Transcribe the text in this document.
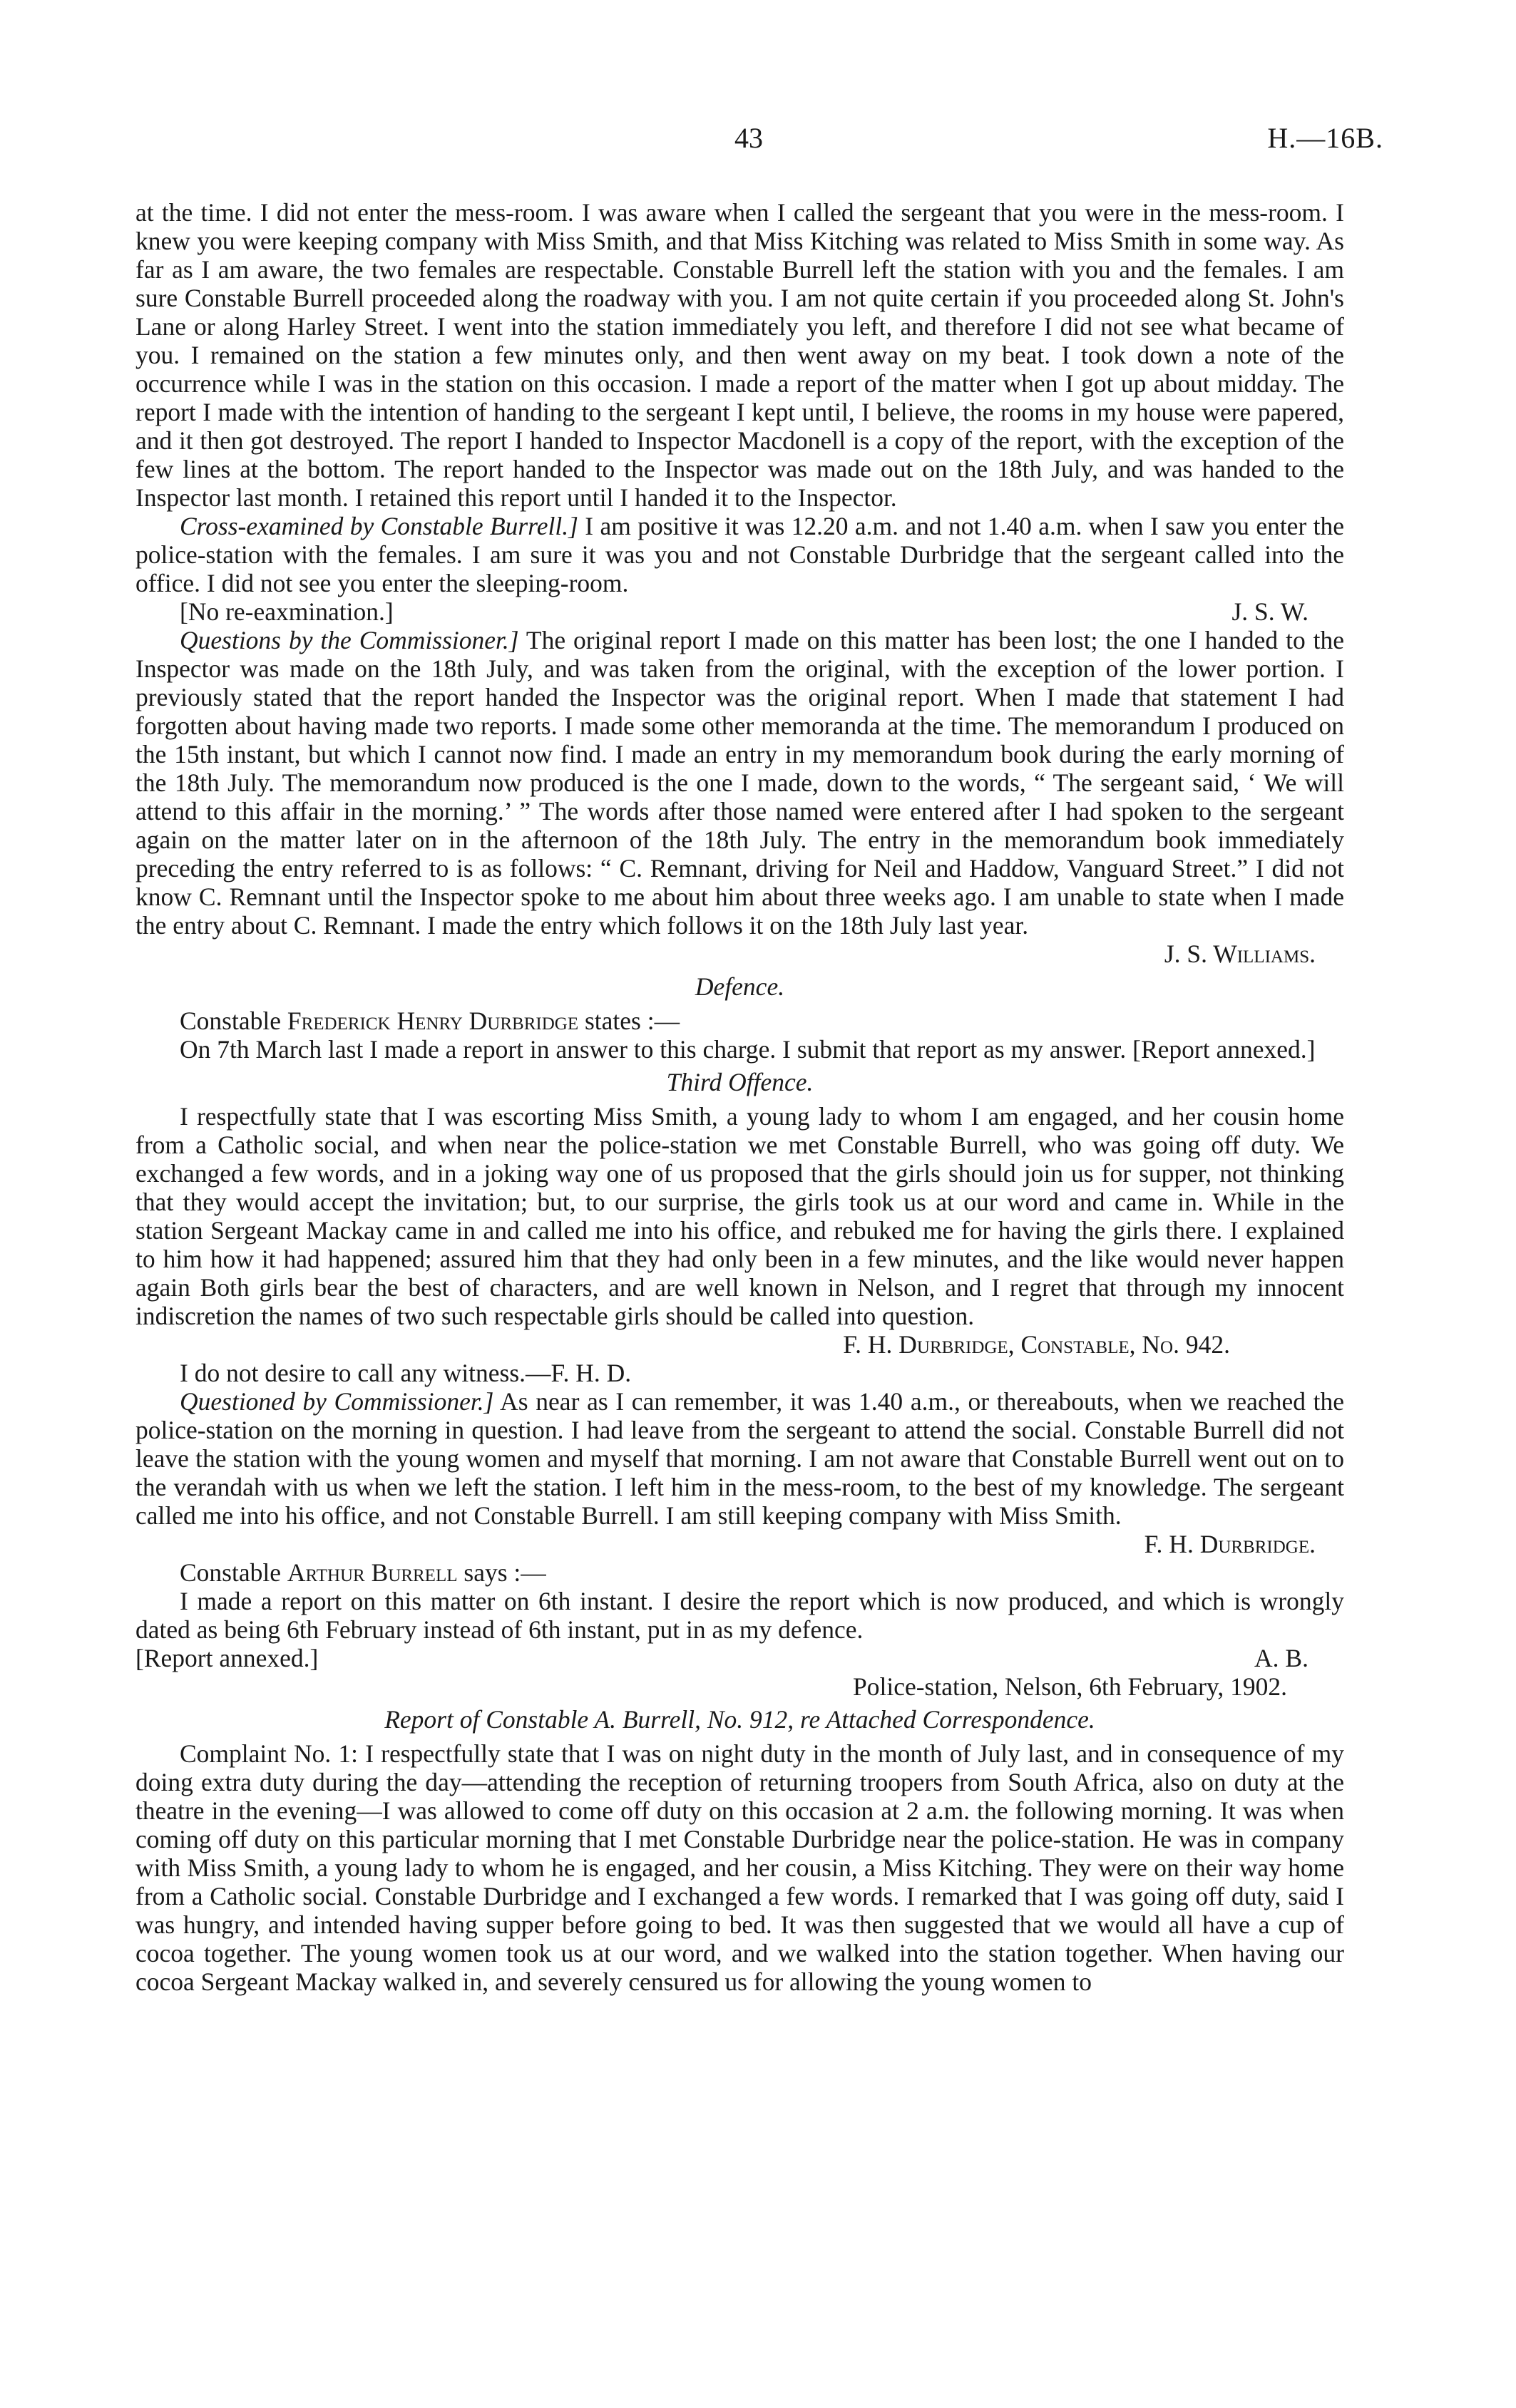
43	H.—16B.

at the time. I did not enter the mess-room. I was aware when I called the sergeant that you were in the mess-room. I knew you were keeping company with Miss Smith, and that Miss Kitching was related to Miss Smith in some way. As far as I am aware, the two females are respectable. Constable Burrell left the station with you and the females. I am sure Constable Burrell proceeded along the roadway with you. I am not quite certain if you proceeded along St. John's Lane or along Harley Street. I went into the station immediately you left, and therefore I did not see what became of you. I remained on the station a few minutes only, and then went away on my beat. I took down a note of the occurrence while I was in the station on this occasion. I made a report of the matter when I got up about midday. The report I made with the intention of handing to the sergeant I kept until, I believe, the rooms in my house were papered, and it then got destroyed. The report I handed to Inspector Macdonell is a copy of the report, with the exception of the few lines at the bottom. The report handed to the Inspector was made out on the 18th July, and was handed to the Inspector last month. I retained this report until I handed it to the Inspector.

Cross-examined by Constable Burrell.] I am positive it was 12.20 a.m. and not 1.40 a.m. when I saw you enter the police-station with the females. I am sure it was you and not Constable Durbridge that the sergeant called into the office. I did not see you enter the sleeping-room.

[No re-eaxmination.]	J. S. W.

Questions by the Commissioner.] The original report I made on this matter has been lost; the one I handed to the Inspector was made on the 18th July, and was taken from the original, with the exception of the lower portion. I previously stated that the report handed the Inspector was the original report. When I made that statement I had forgotten about having made two reports. I made some other memoranda at the time. The memorandum I produced on the 15th instant, but which I cannot now find. I made an entry in my memorandum book during the early morning of the 18th July. The memorandum now produced is the one I made, down to the words, “ The sergeant said, ‘ We will attend to this affair in the morning.’ ” The words after those named were entered after I had spoken to the sergeant again on the matter later on in the afternoon of the 18th July. The entry in the memorandum book immediately preceding the entry referred to is as follows: “ C. Remnant, driving for Neil and Haddow, Vanguard Street.” I did not know C. Remnant until the Inspector spoke to me about him about three weeks ago. I am unable to state when I made the entry about C. Remnant. I made the entry which follows it on the 18th July last year.

J. S. Williams.

Defence.

Constable Frederick Henry Durbridge states :—

On 7th March last I made a report in answer to this charge. I submit that report as my answer. [Report annexed.]

Third Offence.

I respectfully state that I was escorting Miss Smith, a young lady to whom I am engaged, and her cousin home from a Catholic social, and when near the police-station we met Constable Burrell, who was going off duty. We exchanged a few words, and in a joking way one of us proposed that the girls should join us for supper, not thinking that they would accept the invitation; but, to our surprise, the girls took us at our word and came in. While in the station Sergeant Mackay came in and called me into his office, and rebuked me for having the girls there. I explained to him how it had happened; assured him that they had only been in a few minutes, and the like would never happen again Both girls bear the best of characters, and are well known in Nelson, and I regret that through my innocent indiscretion the names of two such respectable girls should be called into question.

F. H. Durbridge, Constable, No. 942.

I do not desire to call any witness.—F. H. D.

Questioned by Commissioner.] As near as I can remember, it was 1.40 a.m., or thereabouts, when we reached the police-station on the morning in question. I had leave from the sergeant to attend the social. Constable Burrell did not leave the station with the young women and myself that morning. I am not aware that Constable Burrell went out on to the verandah with us when we left the station. I left him in the mess-room, to the best of my knowledge. The sergeant called me into his office, and not Constable Burrell. I am still keeping company with Miss Smith.

F. H. Durbridge.

Constable Arthur Burrell says :—

I made a report on this matter on 6th instant. I desire the report which is now produced, and which is wrongly dated as being 6th February instead of 6th instant, put in as my defence.

[Report annexed.]	A. B.

Police-station, Nelson, 6th February, 1902.

Report of Constable A. Burrell, No. 912, re Attached Correspondence.

Complaint No. 1: I respectfully state that I was on night duty in the month of July last, and in consequence of my doing extra duty during the day—attending the reception of returning troopers from South Africa, also on duty at the theatre in the evening—I was allowed to come off duty on this occasion at 2 a.m. the following morning. It was when coming off duty on this particular morning that I met Constable Durbridge near the police-station. He was in company with Miss Smith, a young lady to whom he is engaged, and her cousin, a Miss Kitching. They were on their way home from a Catholic social. Constable Durbridge and I exchanged a few words. I remarked that I was going off duty, said I was hungry, and intended having supper before going to bed. It was then suggested that we would all have a cup of cocoa together. The young women took us at our word, and we walked into the station together. When having our cocoa Sergeant Mackay walked in, and severely censured us for allowing the young women to
